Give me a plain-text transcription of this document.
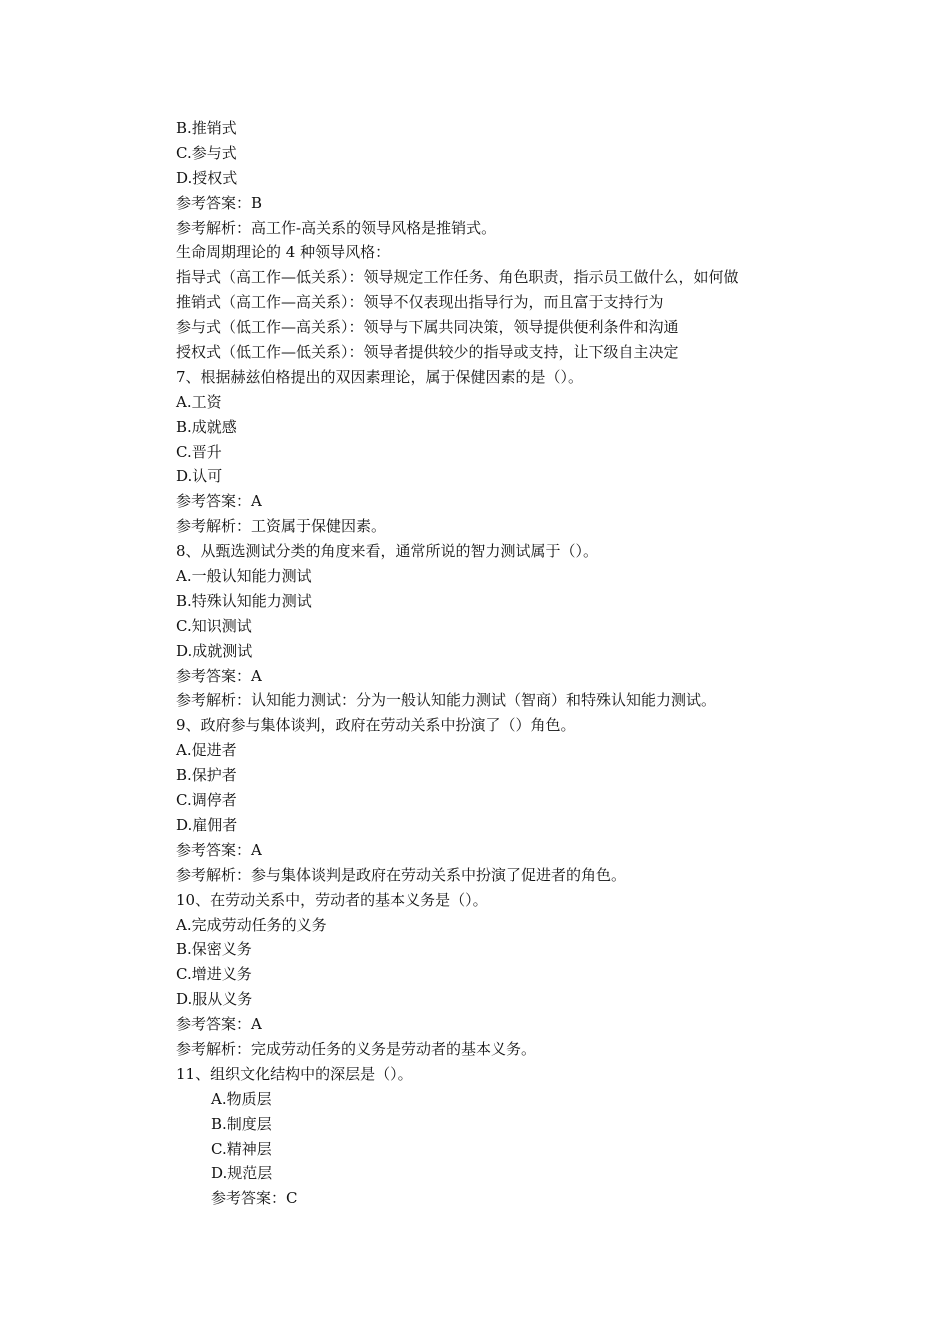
B.推销式
C.参与式
D.授权式
参考答案：B
参考解析：高工作-高关系的领导风格是推销式。
生命周期理论的 4 种领导风格：
指导式（高工作—低关系）：领导规定工作任务、角色职责，指示员工做什么，如何做
推销式（高工作—高关系）：领导不仅表现出指导行为，而且富于支持行为
参与式（低工作—高关系）：领导与下属共同决策，领导提供便利条件和沟通
授权式（低工作—低关系）：领导者提供较少的指导或支持，让下级自主决定
7、根据赫兹伯格提出的双因素理论，属于保健因素的是（）。
A.工资
B.成就感
C.晋升
D.认可
参考答案：A
参考解析：工资属于保健因素。
8、从甄选测试分类的角度来看，通常所说的智力测试属于（）。
A.一般认知能力测试
B.特殊认知能力测试
C.知识测试
D.成就测试
参考答案：A
参考解析：认知能力测试：分为一般认知能力测试（智商）和特殊认知能力测试。
9、政府参与集体谈判，政府在劳动关系中扮演了（）角色。
A.促进者
B.保护者
C.调停者
D.雇佣者
参考答案：A
参考解析：参与集体谈判是政府在劳动关系中扮演了促进者的角色。
10、在劳动关系中，劳动者的基本义务是（）。
A.完成劳动任务的义务
B.保密义务
C.增进义务
D.服从义务
参考答案：A
参考解析：完成劳动任务的义务是劳动者的基本义务。
11、组织文化结构中的深层是（）。
A.物质层
B.制度层
C.精神层
D.规范层
参考答案：C
